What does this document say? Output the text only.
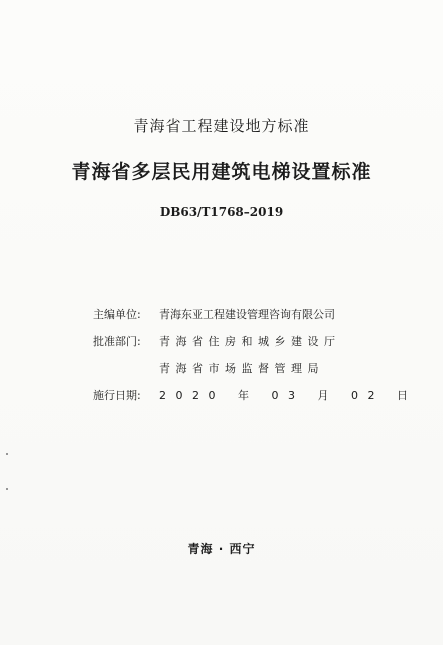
青海省工程建设地方标准
青海省多层民用建筑电梯设置标准
DB63/T1768–2019
主编单位: 青海东亚工程建设管理咨询有限公司
批准部门: 青海省住房和城乡建设厅
青海省市场监督管理局
施行日期: 2020 年 03 月 02 日
青海 · 西宁
